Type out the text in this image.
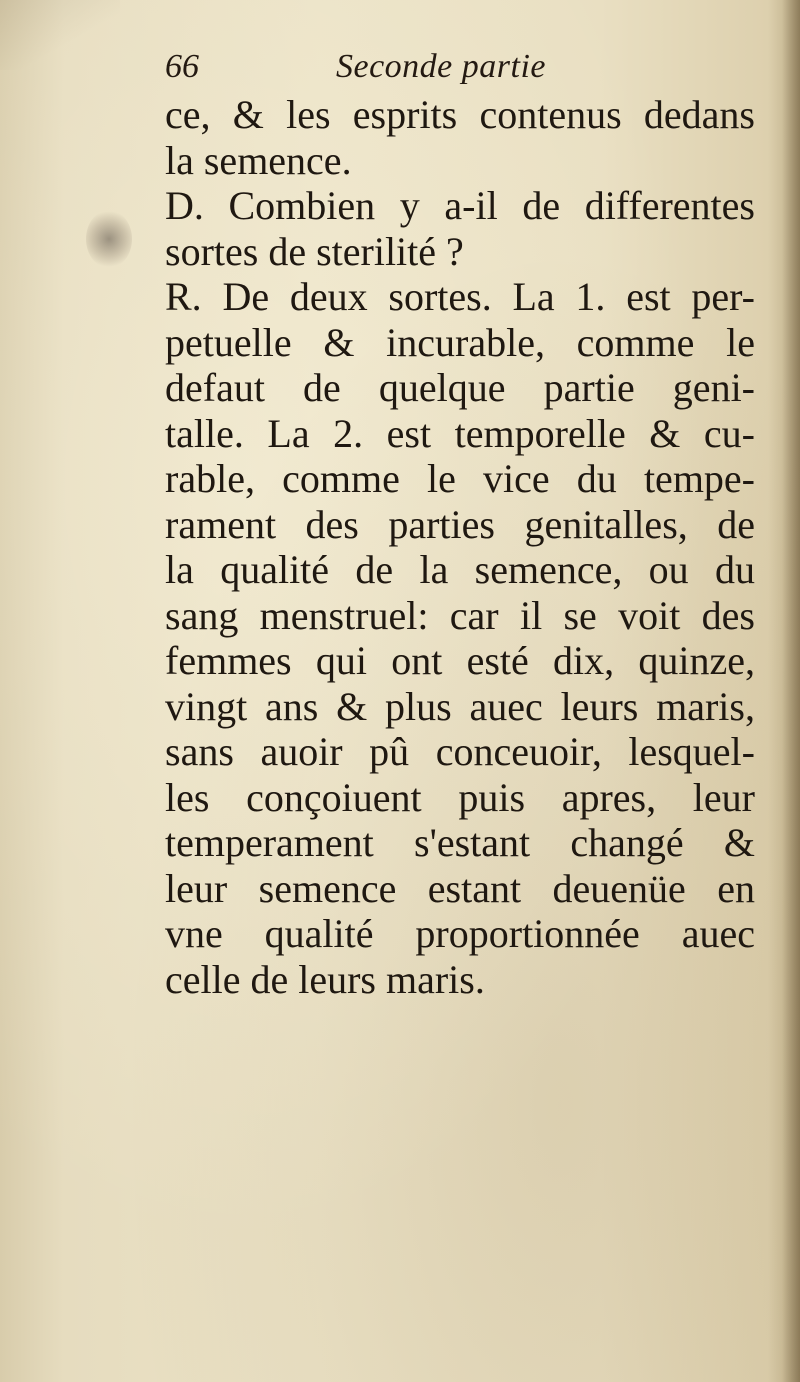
66	Seconde partie
ce, & les esprits contenus dedans
la semence.
D. Combien y a-il de differentes
sortes de sterilité ?
R. De deux sortes. La 1. est per-
petuelle & incurable, comme le
defaut de quelque partie geni-
talle. La 2. est temporelle & cu-
rable, comme le vice du tempe-
rament des parties genitalles, de
la qualité de la semence, ou du
sang menstruel: car il se voit des
femmes qui ont esté dix, quinze,
vingt ans & plus auec leurs maris,
sans auoir pû conceuoir, lesquel-
les conçoiuent puis apres, leur
temperament s'estant changé &
leur semence estant deuenüe en
vne qualité proportionnée auec
celle de leurs maris.
